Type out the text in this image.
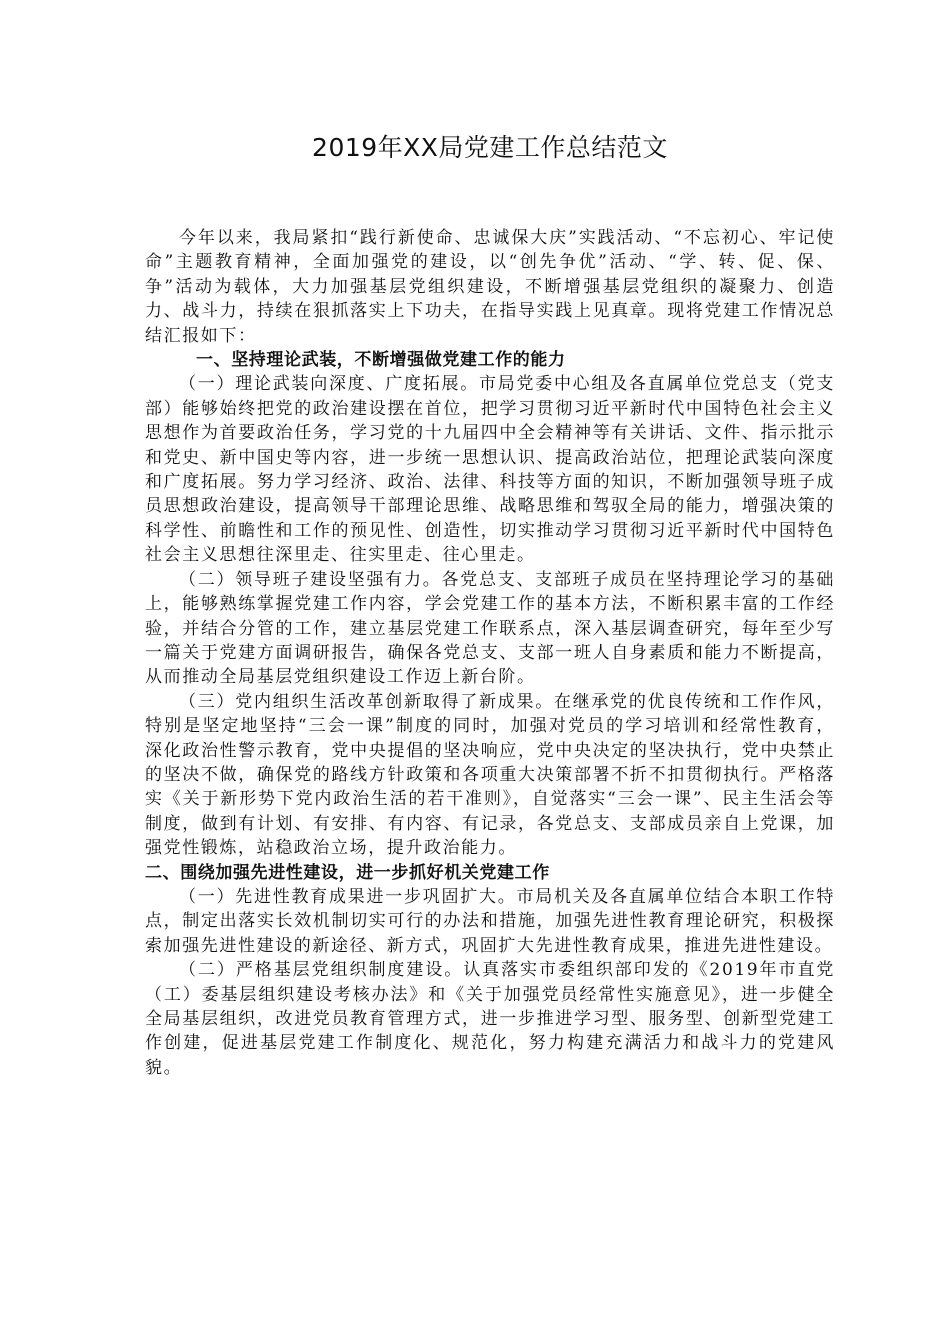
2019年XX局党建工作总结范文

今年以来，我局紧扣“践行新使命、忠诚保大庆”实践活动、“不忘初心、牢记使命”主题教育精神，全面加强党的建设，以“创先争优”活动、“学、转、促、保、争”活动为载体，大力加强基层党组织建设，不断增强基层党组织的凝聚力、创造力、战斗力，持续在狠抓落实上下功夫，在指导实践上见真章。现将党建工作情况总结汇报如下：

一、坚持理论武装，不断增强做党建工作的能力

（一）理论武装向深度、广度拓展。市局党委中心组及各直属单位党总支（党支部）能够始终把党的政治建设摆在首位，把学习贯彻习近平新时代中国特色社会主义思想作为首要政治任务，学习党的十九届四中全会精神等有关讲话、文件、指示批示和党史、新中国史等内容，进一步统一思想认识、提高政治站位，把理论武装向深度和广度拓展。努力学习经济、政治、法律、科技等方面的知识，不断加强领导班子成员思想政治建设，提高领导干部理论思维、战略思维和驾驭全局的能力，增强决策的科学性、前瞻性和工作的预见性、创造性，切实推动学习贯彻习近平新时代中国特色社会主义思想往深里走、往实里走、往心里走。

（二）领导班子建设坚强有力。各党总支、支部班子成员在坚持理论学习的基础上，能够熟练掌握党建工作内容，学会党建工作的基本方法，不断积累丰富的工作经验，并结合分管的工作，建立基层党建工作联系点，深入基层调查研究，每年至少写一篇关于党建方面调研报告，确保各党总支、支部一班人自身素质和能力不断提高，从而推动全局基层党组织建设工作迈上新台阶。

（三）党内组织生活改革创新取得了新成果。在继承党的优良传统和工作作风，特别是坚定地坚持“三会一课”制度的同时，加强对党员的学习培训和经常性教育，深化政治性警示教育，党中央提倡的坚决响应，党中央决定的坚决执行，党中央禁止的坚决不做，确保党的路线方针政策和各项重大决策部署不折不扣贯彻执行。严格落实《关于新形势下党内政治生活的若干准则》，自觉落实“三会一课”、民主生活会等制度，做到有计划、有安排、有内容、有记录，各党总支、支部成员亲自上党课，加强党性锻炼，站稳政治立场，提升政治能力。

二、围绕加强先进性建设，进一步抓好机关党建工作

（一）先进性教育成果进一步巩固扩大。市局机关及各直属单位结合本职工作特点，制定出落实长效机制切实可行的办法和措施，加强先进性教育理论研究，积极探索加强先进性建设的新途径、新方式，巩固扩大先进性教育成果，推进先进性建设。

（二）严格基层党组织制度建设。认真落实市委组织部印发的《2019年市直党（工）委基层组织建设考核办法》和《关于加强党员经常性实施意见》，进一步健全全局基层组织，改进党员教育管理方式，进一步推进学习型、服务型、创新型党建工作创建，促进基层党建工作制度化、规范化，努力构建充满活力和战斗力的党建风貌。
